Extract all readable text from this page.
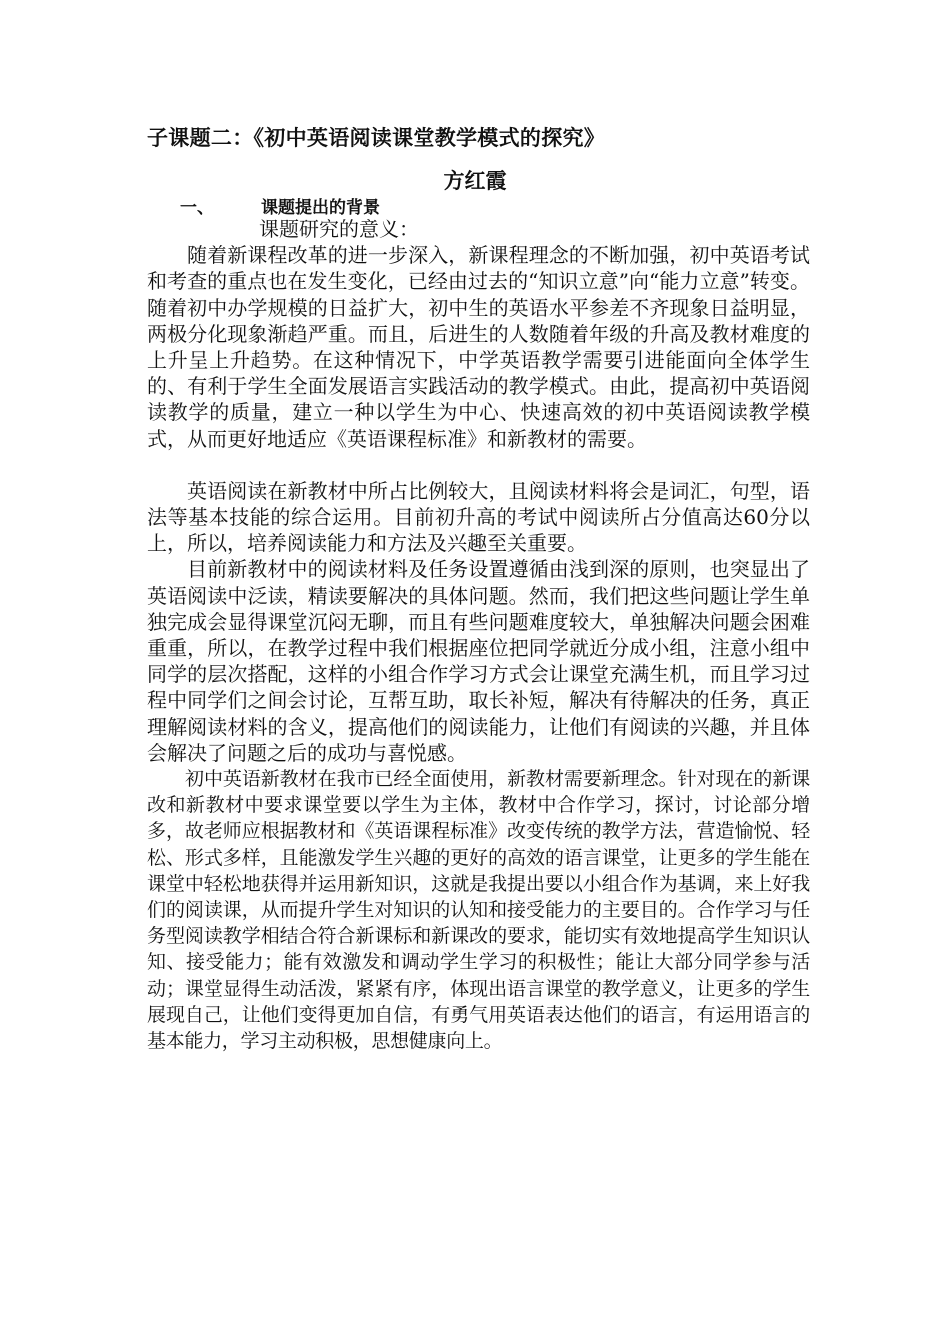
子课题二：《初中英语阅读课堂教学模式的探究》
方红霞
一、	课题提出的背景

课题研究的意义：

随着新课程改革的进一步深入，新课程理念的不断加强，初中英语考试和考查的重点也在发生变化，已经由过去的“知识立意”向“能力立意”转变。随着初中办学规模的日益扩大，初中生的英语水平参差不齐现象日益明显，两极分化现象渐趋严重。而且，后进生的人数随着年级的升高及教材难度的上升呈上升趋势。在这种情况下，中学英语教学需要引进能面向全体学生的、有利于学生全面发展语言实践活动的教学模式。由此，提高初中英语阅读教学的质量，建立一种以学生为中心、快速高效的初中英语阅读教学模式，从而更好地适应《英语课程标准》和新教材的需要。

英语阅读在新教材中所占比例较大，且阅读材料将会是词汇，句型，语法等基本技能的综合运用。目前初升高的考试中阅读所占分值高达60分以上，所以，培养阅读能力和方法及兴趣至关重要。

目前新教材中的阅读材料及任务设置遵循由浅到深的原则，也突显出了英语阅读中泛读，精读要解决的具体问题。然而，我们把这些问题让学生单独完成会显得课堂沉闷无聊，而且有些问题难度较大，单独解决问题会困难重重，所以，在教学过程中我们根据座位把同学就近分成小组，注意小组中同学的层次搭配，这样的小组合作学习方式会让课堂充满生机，而且学习过程中同学们之间会讨论，互帮互助，取长补短，解决有待解决的任务，真正理解阅读材料的含义，提高他们的阅读能力，让他们有阅读的兴趣，并且体会解决了问题之后的成功与喜悦感。

初中英语新教材在我市已经全面使用，新教材需要新理念。针对现在的新课改和新教材中要求课堂要以学生为主体，教材中合作学习，探讨，讨论部分增多，故老师应根据教材和《英语课程标准》改变传统的教学方法，营造愉悦、轻松、形式多样，且能激发学生兴趣的更好的高效的语言课堂，让更多的学生能在课堂中轻松地获得并运用新知识，这就是我提出要以小组合作为基调，来上好我们的阅读课，从而提升学生对知识的认知和接受能力的主要目的。合作学习与任务型阅读教学相结合符合新课标和新课改的要求，能切实有效地提高学生知识认知、接受能力；能有效激发和调动学生学习的积极性；能让大部分同学参与活动；课堂显得生动活泼，紧紧有序，体现出语言课堂的教学意义，让更多的学生展现自己，让他们变得更加自信，有勇气用英语表达他们的语言，有运用语言的基本能力，学习主动积极，思想健康向上。
